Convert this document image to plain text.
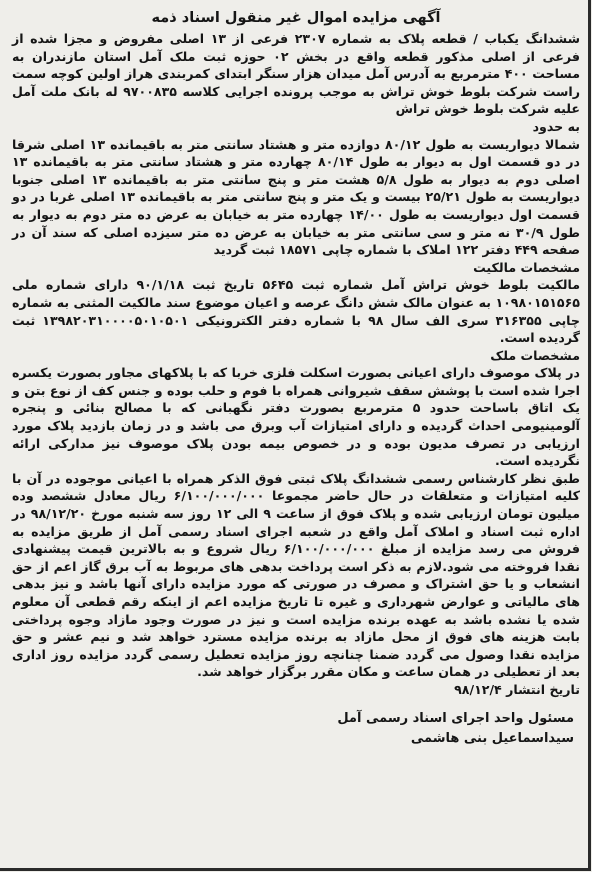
آگهی مزایده اموال غیر منقول اسناد ذمه

ششدانگ یکباب / قطعه پلاک به شماره ۲۳۰۷ فرعی از ۱۳ اصلی مفروض و مجزا شده از فرعی از اصلی مذکور قطعه واقع در بخش ۰۲ حوزه ثبت ملک آمل استان مازندران به مساحت ۴۰۰ مترمربع به آدرس آمل میدان هزار سنگر ابتدای کمربندی هراز اولین کوچه سمت راست شرکت بلوط خوش تراش به موجب پرونده اجرایی کلاسه ۹۷۰۰۸۳۵ له بانک ملت آمل علیه شرکت بلوط خوش تراش

به حدود

شمالا دیواریست به طول ۸۰/۱۲ دوازده متر و هشتاد سانتی متر به باقیمانده ۱۳ اصلی شرقا در دو قسمت اول به دیوار به طول ۸۰/۱۴ چهارده متر و هشتاد سانتی متر به باقیمانده ۱۳ اصلی دوم به دیوار به طول ۵/۸ هشت متر و پنج سانتی متر به باقیمانده ۱۳ اصلی جنوبا دیواریست به طول ۲۵/۲۱ بیست و یک متر و پنج سانتی متر به باقیمانده ۱۳ اصلی غربا در دو قسمت اول دیواریست به طول ۱۴/۰۰ چهارده متر به خیابان به عرض ده متر دوم به دیوار به طول ۳۰/۹ نه متر و سی سانتی متر به خیابان به عرض ده متر سیزده اصلی که سند آن در صفحه ۴۴۹ دفتر ۱۲۲ املاک با شماره چاپی ۱۸۵۷۱ ثبت گردید

مشخصات مالکیت

مالکیت بلوط خوش تراش آمل شماره ثبت ۵۶۴۵ تاریخ ثبت ۹۰/۱/۱۸ دارای شماره ملی ۱۰۹۸۰۱۵۱۵۶۵ به عنوان مالک شش دانگ عرصه و اعیان موضوع سند مالکیت المثنی به شماره چاپی ۳۱۶۳۵۵ سری الف سال ۹۸ با شماره دفتر الکترونیکی ۱۳۹۸۲۰۳۱۰۰۰۰۵۰۱۰۵۰۱ ثبت گردیده است.

مشخصات ملک

در پلاک موصوف دارای اعیانی بصورت اسکلت فلزی خربا که با پلاکهای مجاور بصورت یکسره اجرا شده است با پوشش سقف شیروانی همراه با فوم و حلب بوده و جنس کف از نوع بتن و یک اتاق باساحت حدود ۵ مترمربع بصورت دفتر نگهبانی که با مصالح بنائی و پنجره آلومینیومی احداث گردیده و دارای امتیازات آب وبرق می باشد و در زمان بازدید پلاک مورد ارزیابی در تصرف مدیون بوده و در خصوص بیمه بودن پلاک موصوف نیز مدارکی ارائه نگردیده است.

طبق نظر کارشناس رسمی ششدانگ پلاک ثبتی فوق الذکر همراه با اعیانی موجوده در آن با کلیه امتیازات و متعلقات در حال حاضر مجموعا ۶/۱۰۰/۰۰۰/۰۰۰ ریال معادل ششصد وده میلیون تومان ارزیابی شده و پلاک فوق از ساعت ۹ الی ۱۲ روز سه شنبه مورخ ۹۸/۱۲/۲۰ در اداره ثبت اسناد و املاک آمل واقع در شعبه اجرای اسناد رسمی آمل از طریق مزایده به فروش می رسد مزایده از مبلغ ۶/۱۰۰/۰۰۰/۰۰۰ ریال شروع و به بالاترین قیمت پیشنهادی نقدا فروخته می شود.لازم به ذکر است پرداخت بدهی های مربوط به آب برق گاز اعم از حق انشعاب و یا حق اشتراک و مصرف در صورتی که مورد مزایده دارای آنها باشد و نیز بدهی های مالیاتی و عوارض شهرداری و غیره تا تاریخ مزایده اعم از اینکه رقم قطعی آن معلوم شده یا نشده باشد به عهده برنده مزایده است و نیز در صورت وجود مازاد وجوه پرداختی بابت هزینه های فوق از محل مازاد به برنده مزایده مسترد خواهد شد و نیم عشر و حق مزایده نقدا وصول می گردد ضمنا چنانچه روز مزایده تعطیل رسمی گردد مزایده روز اداری بعد از تعطیلی در همان ساعت و مکان مقرر برگزار خواهد شد.

تاریخ انتشار ۹۸/۱۲/۴

مسئول واحد اجرای اسناد رسمی آمل
سیداسماعیل بنی هاشمی
